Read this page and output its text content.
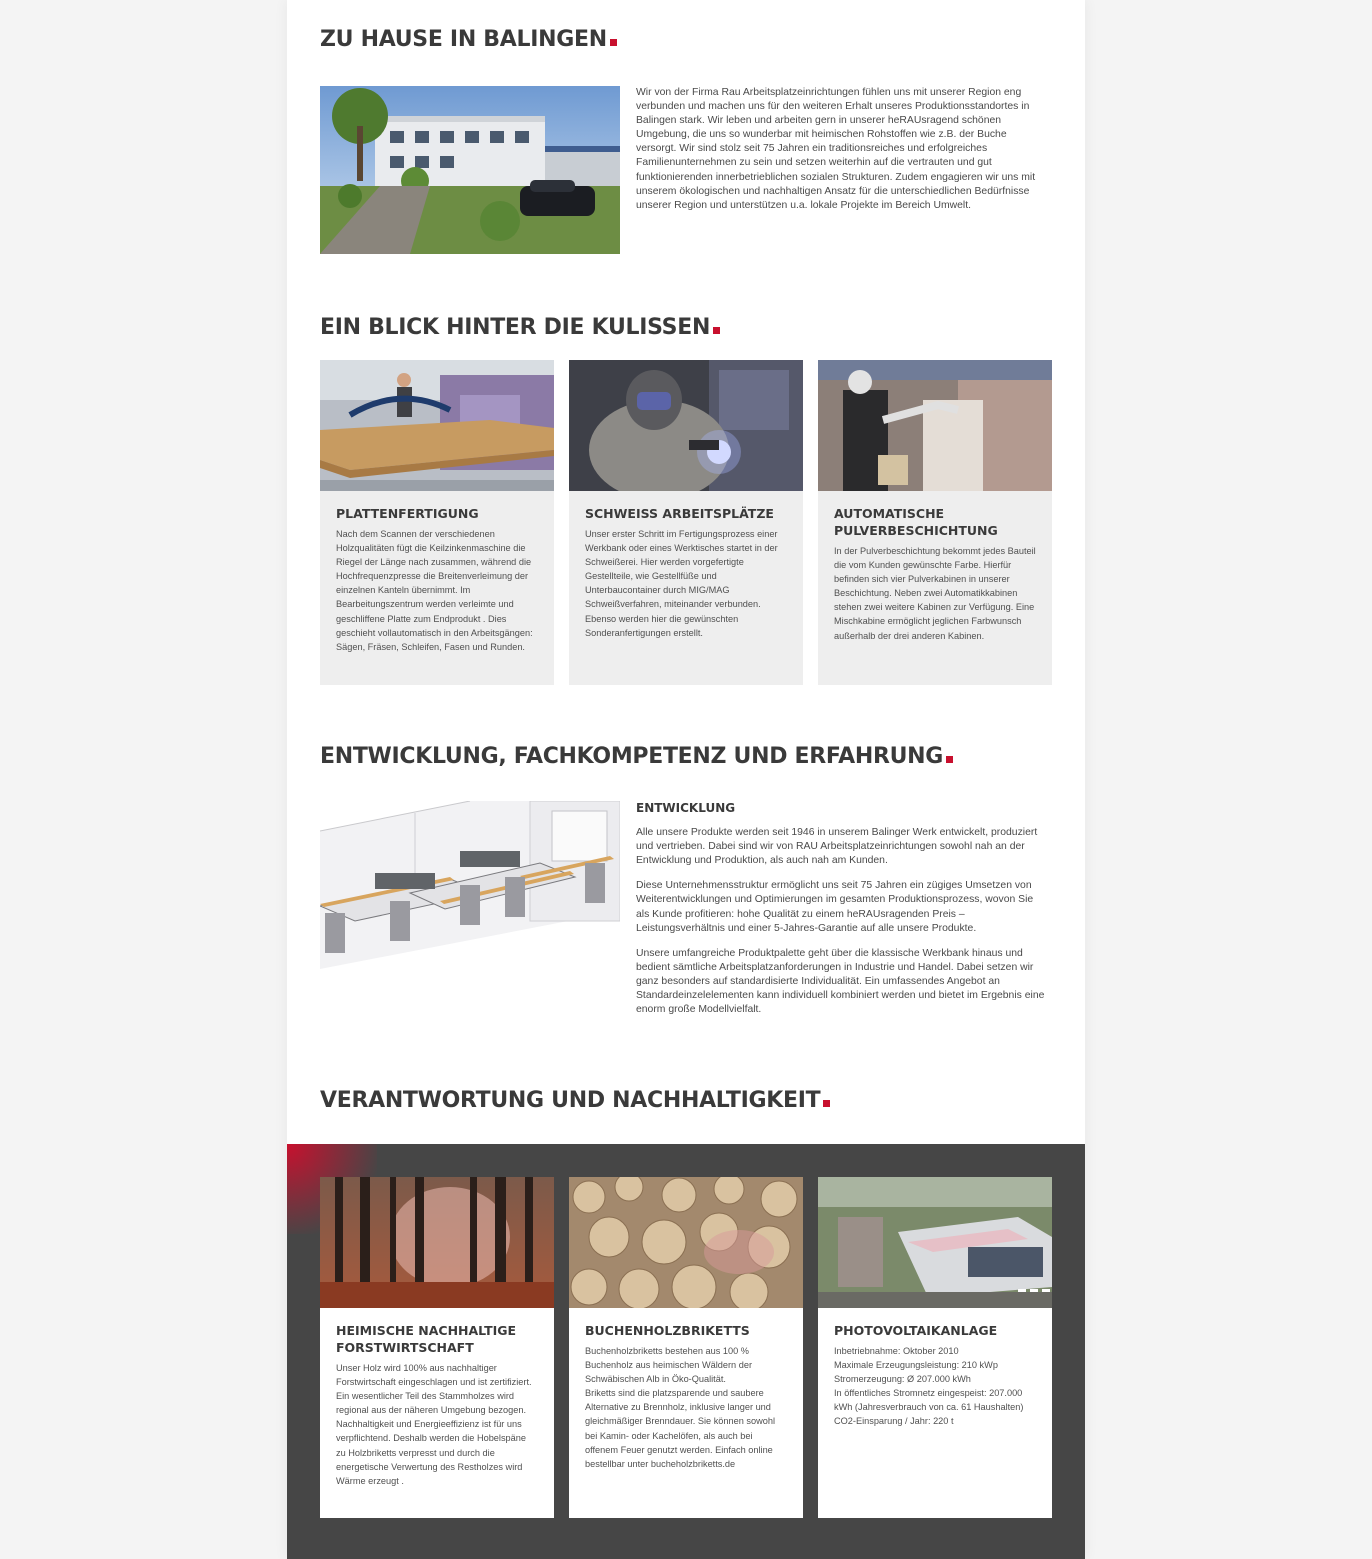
ZU HAUSE IN BALINGEN
Wir von der Firma Rau Arbeitsplatzeinrichtungen fühlen uns mit unserer Region eng verbunden und machen uns für den weiteren Erhalt unseres Produktionsstandortes in Balingen stark. Wir leben und arbeiten gern in unserer heRAUsragend schönen Umgebung, die uns so wunderbar mit heimischen Rohstoffen wie z.B. der Buche versorgt. Wir sind stolz seit 75 Jahren ein traditionsreiches und erfolgreiches Familienunternehmen zu sein und setzen weiterhin auf die vertrauten und gut funktionierenden innerbetrieblichen sozialen Strukturen. Zudem engagieren wir uns mit unserem ökologischen und nachhaltigen Ansatz für die unterschiedlichen Bedürfnisse unserer Region und unterstützen u.a. lokale Projekte im Bereich Umwelt.
EIN BLICK HINTER DIE KULISSEN
PLATTENFERTIGUNG
Nach dem Scannen der verschiedenen Holzqualitäten fügt die Keilzinkenmaschine die Riegel der Länge nach zusammen, während die Hochfrequenzpresse die Breitenverleimung der einzelnen Kanteln übernimmt. Im Bearbeitungszentrum werden verleimte und geschliffene Platte zum Endprodukt . Dies geschieht vollautomatisch in den Arbeitsgängen: Sägen, Fräsen, Schleifen, Fasen und Runden.
SCHWEISS ARBEITSPLÄTZE
Unser erster Schritt im Fertigungsprozess einer Werkbank oder eines Werktisches startet in der Schweißerei. Hier werden vorgefertigte Gestellteile, wie Gestellfüße und Unterbaucontainer durch MIG/MAG Schweißverfahren, miteinander verbunden. Ebenso werden hier die gewünschten Sonderanfertigungen erstellt.
AUTOMATISCHE PULVERBESCHICHTUNG
In der Pulverbeschichtung bekommt jedes Bauteil die vom Kunden gewünschte Farbe. Hierfür befinden sich vier Pulverkabinen in unserer Beschichtung. Neben zwei Automatikkabinen stehen zwei weitere Kabinen zur Verfügung. Eine Mischkabine ermöglicht jeglichen Farbwunsch außerhalb der drei anderen Kabinen.
ENTWICKLUNG, FACHKOMPETENZ UND ERFAHRUNG
ENTWICKLUNG

Alle unsere Produkte werden seit 1946 in unserem Balinger Werk entwickelt, produziert und vertrieben. Dabei sind wir von RAU Arbeitsplatzeinrichtungen sowohl nah an der Entwicklung und Produktion, als auch nah am Kunden.

Diese Unternehmensstruktur ermöglicht uns seit 75 Jahren ein zügiges Umsetzen von Weiterentwicklungen und Optimierungen im gesamten Produktionsprozess, wovon Sie als Kunde profitieren: hohe Qualität zu einem heRAUsragenden Preis –Leistungsverhältnis und einer 5-Jahres-Garantie auf alle unsere Produkte.

Unsere umfangreiche Produktpalette geht über die klassische Werkbank hinaus und bedient sämtliche Arbeitsplatzanforderungen in Industrie und Handel. Dabei setzen wir ganz besonders auf standardisierte Individualität. Ein umfassendes Angebot an Standardeinzelelementen kann individuell kombiniert werden und bietet im Ergebnis eine enorm große Modellvielfalt.

VERANTWORTUNG UND NACHHALTIGKEIT
HEIMISCHE NACHHALTIGE FORSTWIRTSCHAFT
Unser Holz wird 100% aus nachhaltiger Forstwirtschaft eingeschlagen und ist zertifiziert. Ein wesentlicher Teil des Stammholzes wird regional aus der näheren Umgebung bezogen. Nachhaltigkeit und Energieeffizienz ist für uns verpflichtend. Deshalb werden die Hobelspäne zu Holzbriketts verpresst und durch die energetische Verwertung des Restholzes wird Wärme erzeugt .
BUCHENHOLZBRIKETTS
Buchenholzbriketts bestehen aus 100 % Buchenholz aus heimischen Wäldern der Schwäbischen Alb in Öko-Qualität.
Briketts sind die platzsparende und saubere Alternative zu Brennholz, inklusive langer und gleichmäßiger Brenndauer. Sie können sowohl bei Kamin- oder Kachelöfen, als auch bei offenem Feuer genutzt werden. Einfach online bestellbar unter bucheholzbriketts.de
PHOTOVOLTAIKANLAGE
Inbetriebnahme: Oktober 2010
Maximale Erzeugungsleistung: 210 kWp
Stromerzeugung: Ø 207.000 kWh
In öffentliches Stromnetz eingespeist: 207.000 kWh (Jahresverbrauch von ca. 61 Haushalten)
CO2-Einsparung / Jahr: 220 t
